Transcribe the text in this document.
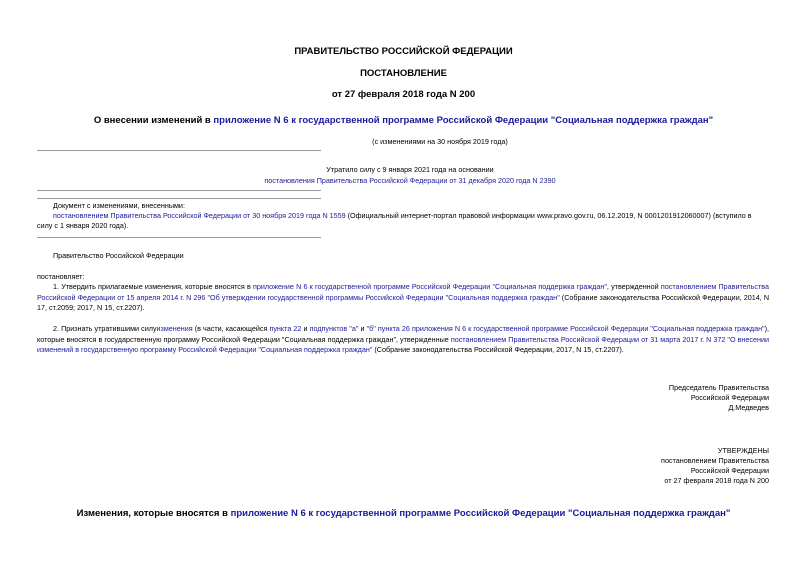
ПРАВИТЕЛЬСТВО РОССИЙСКОЙ ФЕДЕРАЦИИ
ПОСТАНОВЛЕНИЕ
от 27 февраля 2018 года N 200
О внесении изменений в приложение N 6 к государственной программе Российской Федерации "Социальная поддержка граждан"
(с изменениями на 30 ноября 2019 года)
Утратило силу с 9 января 2021 года на основании
постановления Правительства Российской Федерации от 31 декабря 2020 года N 2390
Документ с изменениями, внесенными:
постановлением Правительства Российской Федерации от 30 ноября 2019 года N 1559 (Официальный интернет-портал правовой информации www.pravo.gov.ru, 06.12.2019, N 0001201912060007) (вступило в силу с 1 января 2020 года).
Правительство Российской Федерации
постановляет:
1. Утвердить прилагаемые изменения, которые вносятся в приложение N 6 к государственной программе Российской Федерации "Социальная поддержка граждан", утвержденной постановлением Правительства Российской Федерации от 15 апреля 2014 г. N 296 "Об утверждении государственной программы Российской Федерации "Социальная поддержка граждан" (Собрание законодательства Российской Федерации, 2014, N 17, ст.2059; 2017, N 15, ст.2207).
2. Признать утратившими силуизменения (в части, касающейся пункта 22 и подпунктов "а" и "б" пункта 26 приложения N 6 к государственной программе Российской Федерации "Социальная поддержка граждан"), которые вносятся в государственную программу Российской Федерации "Социальная поддержка граждан", утвержденные постановлением Правительства Российской Федерации от 31 марта 2017 г. N 372 "О внесении изменений в государственную программу Российской Федерации "Социальная поддержка граждан" (Собрание законодательства Российской Федерации, 2017, N 15, ст.2207).

Председатель Правительства

Российской Федерации

Д.Медведев

УТВЕРЖДЕНЫ

постановлением Правительства

Российской Федерации

от 27 февраля 2018 года N 200

Изменения, которые вносятся в приложение N 6 к государственной программе Российской Федерации "Социальная поддержка граждан"
